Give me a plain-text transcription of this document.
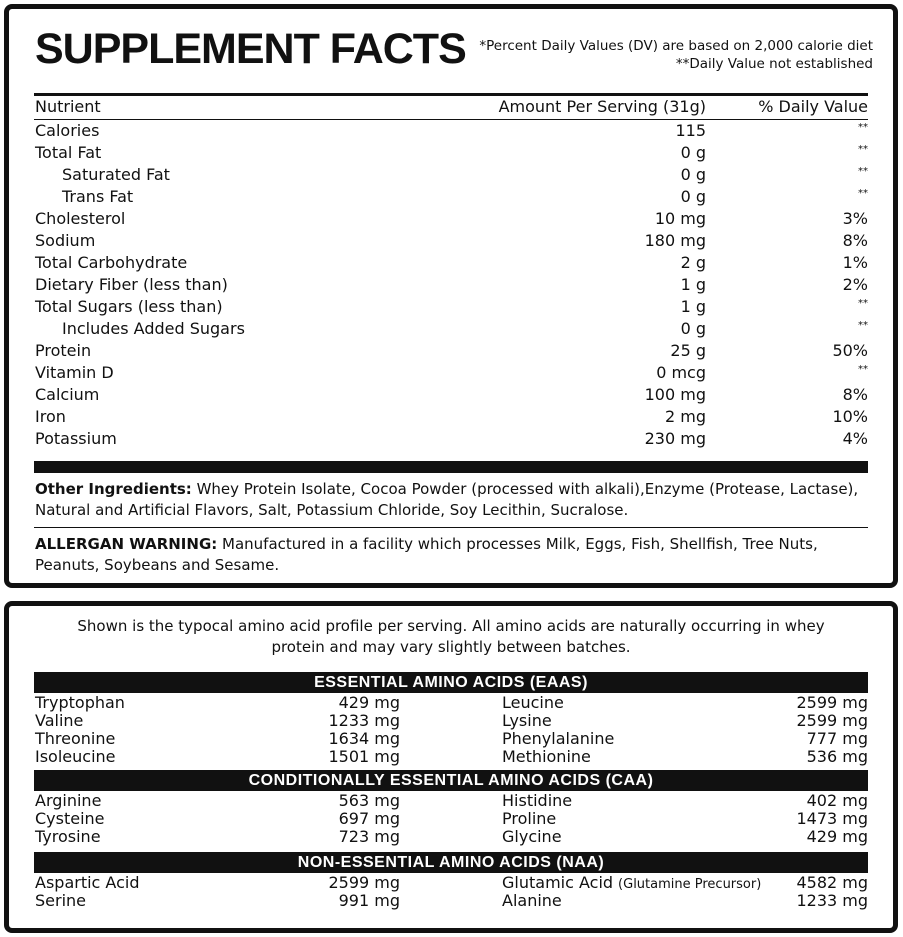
SUPPLEMENT FACTS *Percent Daily Values (DV) are based on 2,000 calorie diet
**Daily Value not established
Nutrient	Amount Per Serving (31g)	% Daily Value
Calories	115	**
Total Fat	0 g	**
Saturated Fat	0 g	**
Trans Fat	0 g	**
Cholesterol	10 mg	3%
Sodium	180 mg	8%
Total Carbohydrate	2 g	1%
Dietary Fiber (less than)	1 g	2%
Total Sugars (less than)	1 g	**
Includes Added Sugars	0 g	**
Protein	25 g	50%
Vitamin D	0 mcg	**
Calcium	100 mg	8%
Iron	2 mg	10%
Potassium	230 mg	4%
Other Ingredients: Whey Protein Isolate, Cocoa Powder (processed with alkali),Enzyme (Protease, Lactase), Natural and Artificial Flavors, Salt, Potassium Chloride, Soy Lecithin, Sucralose.
ALLERGAN WARNING: Manufactured in a facility which processes Milk, Eggs, Fish, Shellfish, Tree Nuts, Peanuts, Soybeans and Sesame.
Shown is the typocal amino acid profile per serving. All amino acids are naturally occurring in whey protein and may vary slightly between batches.
ESSENTIAL AMINO ACIDS (EAAS)
Tryptophan	429 mg	Leucine	2599 mg
Valine	1233 mg	Lysine	2599 mg
Threonine	1634 mg	Phenylalanine	777 mg
Isoleucine	1501 mg	Methionine	536 mg
CONDITIONALLY ESSENTIAL AMINO ACIDS (CAA)
Arginine	563 mg	Histidine	402 mg
Cysteine	697 mg	Proline	1473 mg
Tyrosine	723 mg	Glycine	429 mg
NON-ESSENTIAL AMINO ACIDS (NAA)
Aspartic Acid	2599 mg	Glutamic Acid (Glutamine Precursor) 4582 mg
Serine	991 mg	Alanine	1233 mg
